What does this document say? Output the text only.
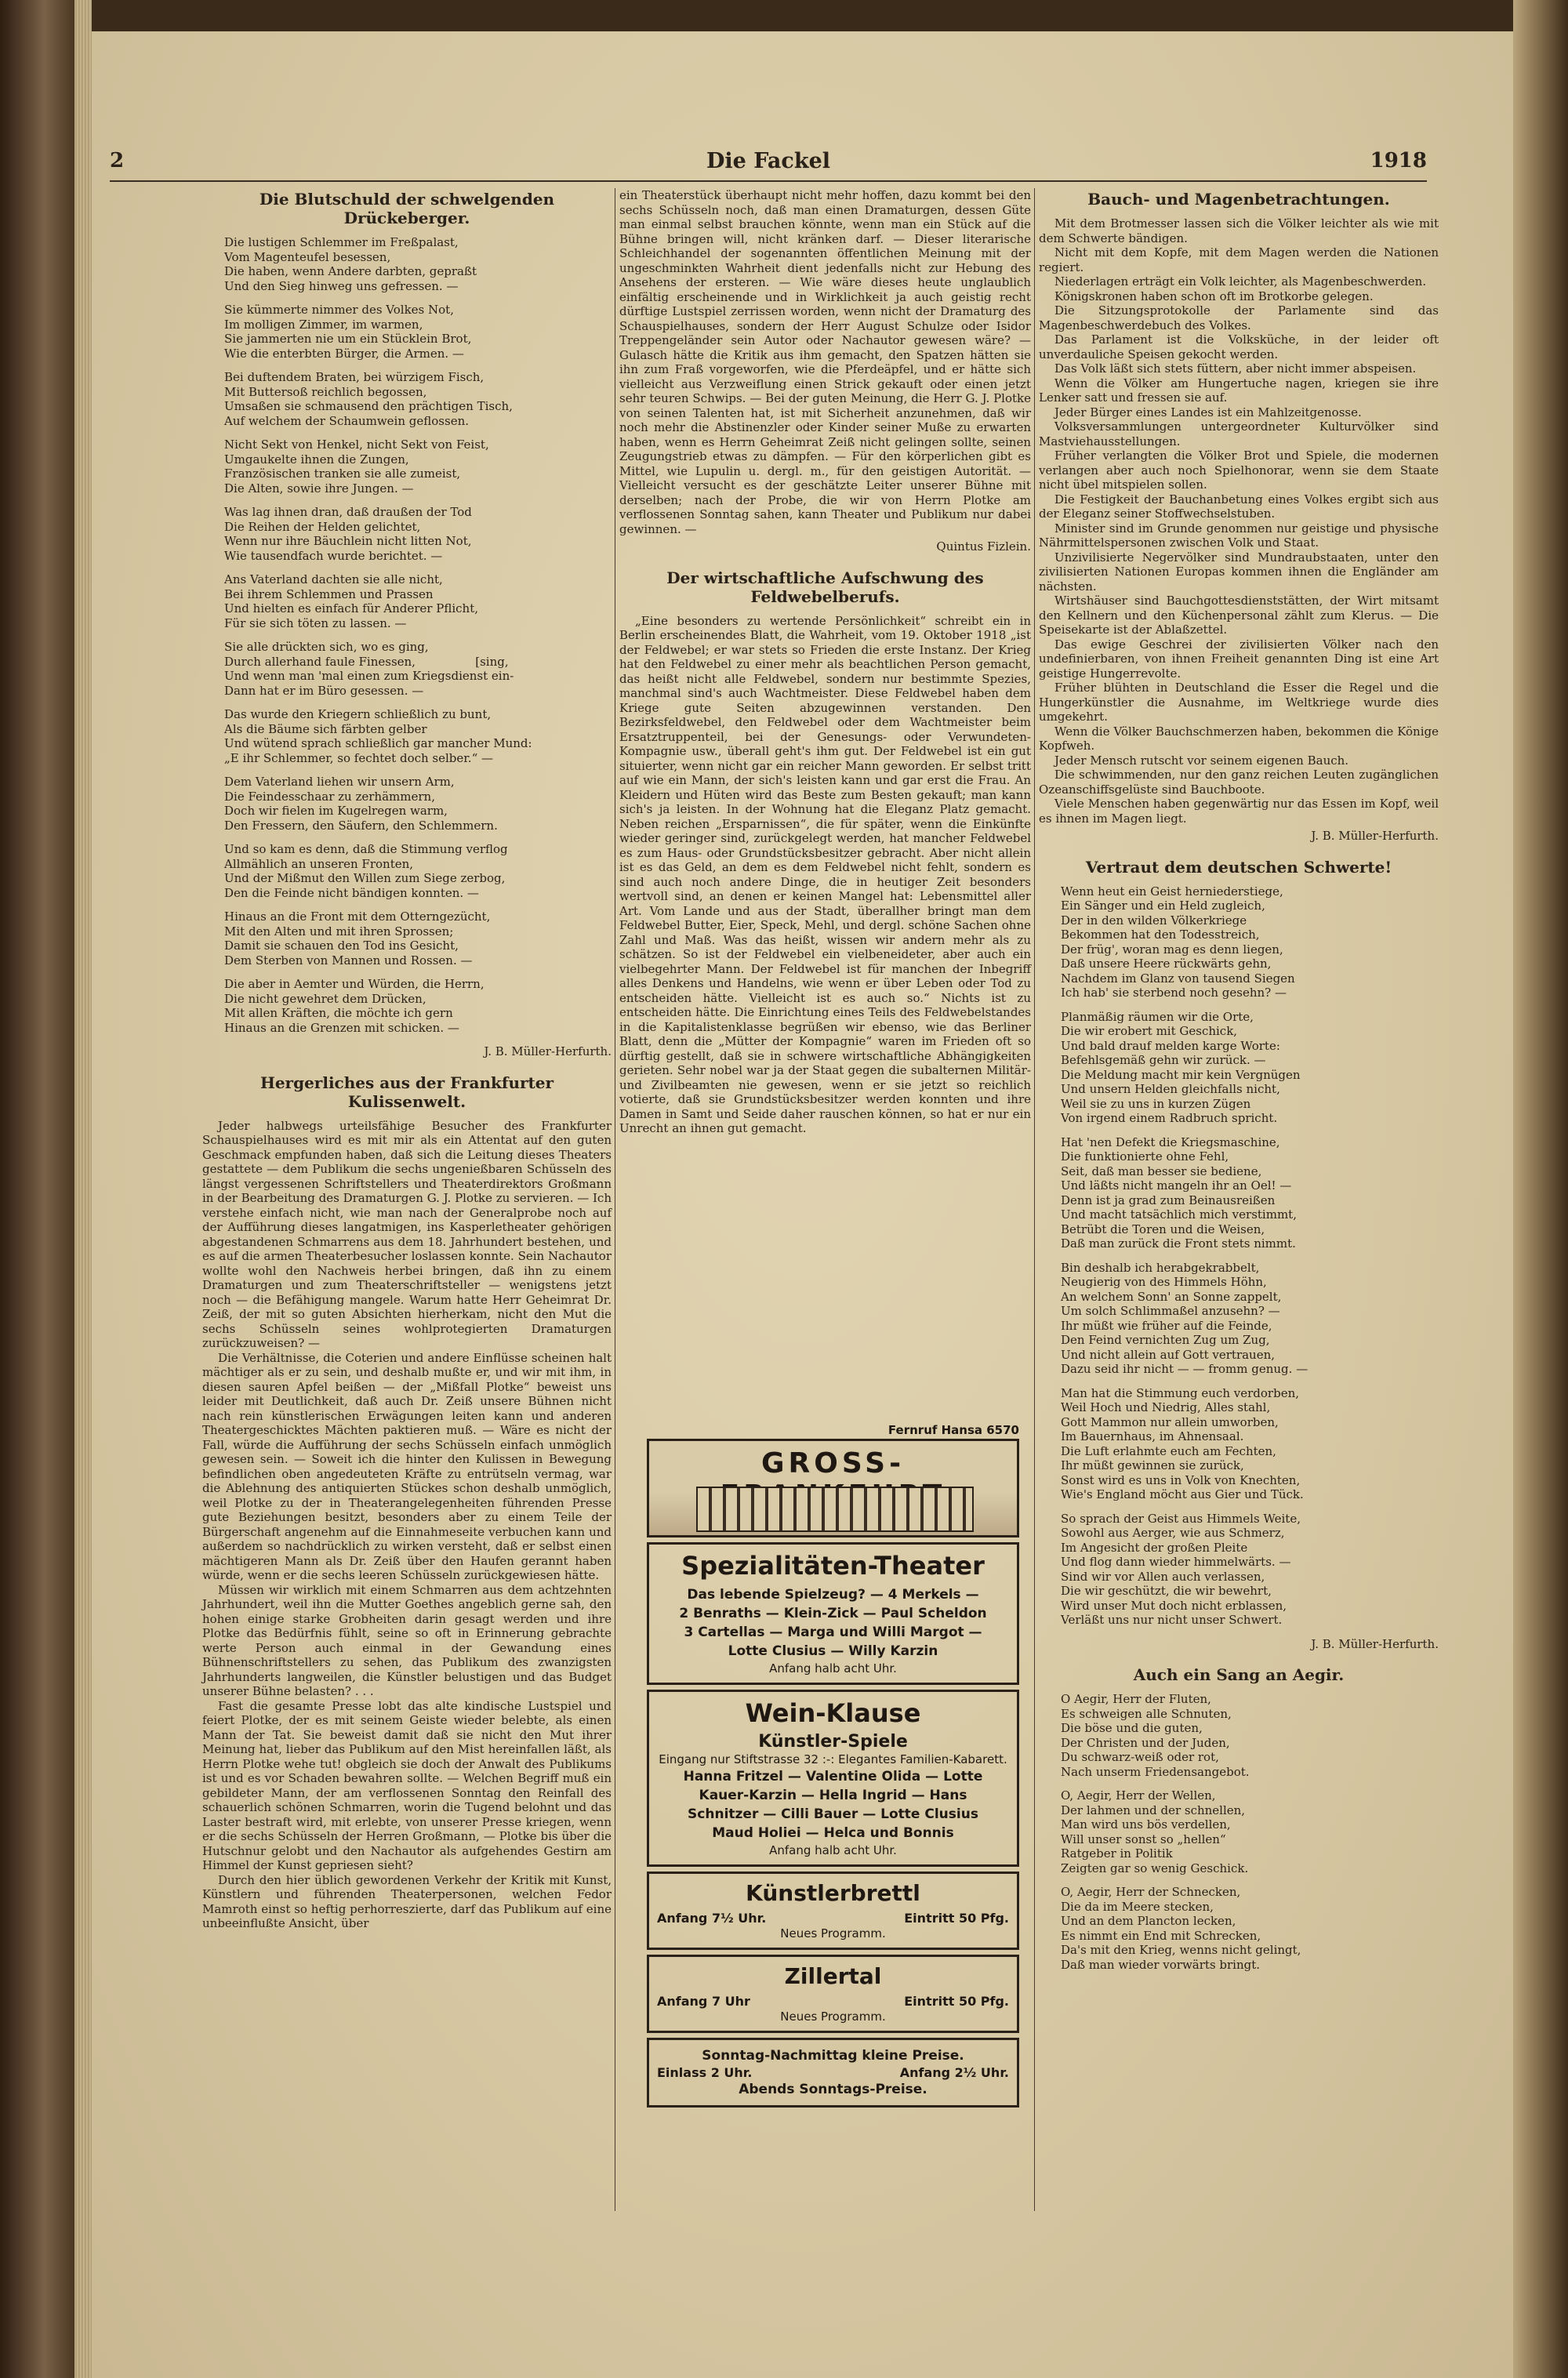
2	Die Fackel	1918
Die Blutschuld der schwelgenden Drückeberger.

Die lustigen Schlemmer im Freßpalast,

Vom Magenteufel besessen,

Die haben, wenn Andere darbten, gepraßt

Und den Sieg hinweg uns gefressen. —

Sie kümmerte nimmer des Volkes Not,

Im molligen Zimmer, im warmen,

Sie jammerten nie um ein Stücklein Brot,

Wie die enterbten Bürger, die Armen. —

Bei duftendem Braten, bei würzigem Fisch,

Mit Buttersoß reichlich begossen,

Umsaßen sie schmausend den prächtigen Tisch,

Auf welchem der Schaumwein geflossen.

Nicht Sekt von Henkel, nicht Sekt von Feist,

Umgaukelte ihnen die Zungen,

Französischen tranken sie alle zumeist,

Die Alten, sowie ihre Jungen. —

Was lag ihnen dran, daß draußen der Tod

Die Reihen der Helden gelichtet,

Wenn nur ihre Bäuchlein nicht litten Not,

Wie tausendfach wurde berichtet. —

Ans Vaterland dachten sie alle nicht,

Bei ihrem Schlemmen und Prassen

Und hielten es einfach für Anderer Pflicht,

Für sie sich töten zu lassen. —

Sie alle drückten sich, wo es ging,

Durch allerhand faule Finessen,                [sing,

Und wenn man 'mal einen zum Kriegsdienst ein-

Dann hat er im Büro gesessen. —

Das wurde den Kriegern schließlich zu bunt,

Als die Bäume sich färbten gelber

Und wütend sprach schließlich gar mancher Mund:

„E ihr Schlemmer, so fechtet doch selber.“ —

Dem Vaterland liehen wir unsern Arm,

Die Feindesschaar zu zerhämmern,

Doch wir fielen im Kugelregen warm,

Den Fressern, den Säufern, den Schlemmern.

Und so kam es denn, daß die Stimmung verflog

Allmählich an unseren Fronten,

Und der Mißmut den Willen zum Siege zerbog,

Den die Feinde nicht bändigen konnten. —

Hinaus an die Front mit dem Otterngezücht,

Mit den Alten und mit ihren Sprossen;

Damit sie schauen den Tod ins Gesicht,

Dem Sterben von Mannen und Rossen. —

Die aber in Aemter und Würden, die Herrn,

Die nicht gewehret dem Drücken,

Mit allen Kräften, die möchte ich gern

Hinaus an die Grenzen mit schicken. —

J. B. Müller-Herfurth.
Hergerliches aus der Frankfurter Kulissenwelt.

Jeder halbwegs urteilsfähige Besucher des Frankfurter Schauspielhauses wird es mit mir als ein Attentat auf den guten Geschmack empfunden haben, daß sich die Leitung dieses Theaters gestattete — dem Publikum die sechs ungenießbaren Schüsseln des längst vergessenen Schriftstellers und Theaterdirektors Großmann in der Bearbeitung des Dramaturgen G. J. Plotke zu servieren. — Ich verstehe einfach nicht, wie man nach der Generalprobe noch auf der Aufführung dieses langatmigen, ins Kasperletheater gehörigen abgestandenen Schmarrens aus dem 18. Jahrhundert bestehen, und es auf die armen Theaterbesucher loslassen konnte. Sein Nachautor wollte wohl den Nachweis herbei bringen, daß ihn zu einem Dramaturgen und zum Theaterschriftsteller — wenigstens jetzt noch — die Befähigung mangele. Warum hatte Herr Geheimrat Dr. Zeiß, der mit so guten Absichten hierherkam, nicht den Mut die sechs Schüsseln seines wohlprotegierten Dramaturgen zurückzuweisen? —

Die Verhältnisse, die Coterien und andere Einflüsse scheinen halt mächtiger als er zu sein, und deshalb mußte er, und wir mit ihm, in diesen sauren Apfel beißen — der „Mißfall Plotke“ beweist uns leider mit Deutlichkeit, daß auch Dr. Zeiß unsere Bühnen nicht nach rein künstlerischen Erwägungen leiten kann und anderen Theatergeschicktes Mächten paktieren muß. — Wäre es nicht der Fall, würde die Aufführung der sechs Schüsseln einfach unmöglich gewesen sein. — Soweit ich die hinter den Kulissen in Bewegung befindlichen oben angedeuteten Kräfte zu entrütseln vermag, war die Ablehnung des antiquierten Stückes schon deshalb unmöglich, weil Plotke zu der in Theaterangelegenheiten führenden Presse gute Beziehungen besitzt, besonders aber zu einem Teile der Bürgerschaft angenehm auf die Einnahmeseite verbuchen kann und außerdem so nachdrücklich zu wirken versteht, daß er selbst einen mächtigeren Mann als Dr. Zeiß über den Haufen gerannt haben würde, wenn er die sechs leeren Schüsseln zurückgewiesen hätte.

Müssen wir wirklich mit einem Schmarren aus dem achtzehnten Jahrhundert, weil ihn die Mutter Goethes angeblich gerne sah, den hohen einige starke Grobheiten darin gesagt werden und ihre Plotke das Bedürfnis fühlt, seine so oft in Erinnerung gebrachte werte Person auch einmal in der Gewandung eines Bühnenschriftstellers zu sehen, das Publikum des zwanzigsten Jahrhunderts langweilen, die Künstler belustigen und das Budget unserer Bühne belasten? . . .

Fast die gesamte Presse lobt das alte kindische Lustspiel und feiert Plotke, der es mit seinem Geiste wieder belebte, als einen Mann der Tat. Sie beweist damit daß sie nicht den Mut ihrer Meinung hat, lieber das Publikum auf den Mist hereinfallen läßt, als Herrn Plotke wehe tut! obgleich sie doch der Anwalt des Publikums ist und es vor Schaden bewahren sollte. — Welchen Begriff muß ein gebildeter Mann, der am verflossenen Sonntag den Reinfall des schauerlich schönen Schmarren, worin die Tugend belohnt und das Laster bestraft wird, mit erlebte, von unserer Presse kriegen, wenn er die sechs Schüsseln der Herren Großmann, — Plotke bis über die Hutschnur gelobt und den Nachautor als aufgehendes Gestirn am Himmel der Kunst gepriesen sieht?

Durch den hier üblich gewordenen Verkehr der Kritik mit Kunst, Künstlern und führenden Theaterpersonen, welchen Fedor Mamroth einst so heftig perhorreszierte, darf das Publikum auf eine unbeeinflußte Ansicht, über

ein Theaterstück überhaupt nicht mehr hoffen, dazu kommt bei den sechs Schüsseln noch, daß man einen Dramaturgen, dessen Güte man einmal selbst brauchen könnte, wenn man ein Stück auf die Bühne bringen will, nicht kränken darf. — Dieser literarische Schleichhandel der sogenannten öffentlichen Meinung mit der ungeschminkten Wahrheit dient jedenfalls nicht zur Hebung des Ansehens der ersteren. — Wie wäre dieses heute unglaublich einfältig erscheinende und in Wirklichkeit ja auch geistig recht dürftige Lustspiel zerrissen worden, wenn nicht der Dramaturg des Schauspielhauses, sondern der Herr August Schulze oder Isidor Treppengeländer sein Autor oder Nachautor gewesen wäre? — Gulasch hätte die Kritik aus ihm gemacht, den Spatzen hätten sie ihn zum Fraß vorgeworfen, wie die Pferdeäpfel, und er hätte sich vielleicht aus Verzweiflung einen Strick gekauft oder einen jetzt sehr teuren Schwips. — Bei der guten Meinung, die Herr G. J. Plotke von seinen Talenten hat, ist mit Sicherheit anzunehmen, daß wir noch mehr die Abstinenzler oder Kinder seiner Muße zu erwarten haben, wenn es Herrn Geheimrat Zeiß nicht gelingen sollte, seinen Zeugungstrieb etwas zu dämpfen. — Für den körperlichen gibt es Mittel, wie Lupulin u. dergl. m., für den geistigen Autorität. — Vielleicht versucht es der geschätzte Leiter unserer Bühne mit derselben; nach der Probe, die wir von Herrn Plotke am verflossenen Sonntag sahen, kann Theater und Publikum nur dabei gewinnen. —

Quintus Fizlein.
Der wirtschaftliche Aufschwung des Feldwebelberufs.

„Eine besonders zu wertende Persönlichkeit“ schreibt ein in Berlin erscheinendes Blatt, die Wahrheit, vom 19. Oktober 1918 „ist der Feldwebel; er war stets so Frieden die erste Instanz. Der Krieg hat den Feldwebel zu einer mehr als beachtlichen Person gemacht, das heißt nicht alle Feldwebel, sondern nur bestimmte Spezies, manchmal sind's auch Wachtmeister. Diese Feldwebel haben dem Kriege gute Seiten abzugewinnen verstanden. Den Bezirksfeldwebel, den Feldwebel oder dem Wachtmeister beim Ersatztruppenteil, bei der Genesungs- oder Verwundeten-Kompagnie usw., überall geht's ihm gut. Der Feldwebel ist ein gut situierter, wenn nicht gar ein reicher Mann geworden. Er selbst tritt auf wie ein Mann, der sich's leisten kann und gar erst die Frau. An Kleidern und Hüten wird das Beste zum Besten gekauft; man kann sich's ja leisten. In der Wohnung hat die Eleganz Platz gemacht. Neben reichen „Ersparnissen“, die für später, wenn die Einkünfte wieder geringer sind, zurückgelegt werden, hat mancher Feldwebel es zum Haus- oder Grundstücksbesitzer gebracht. Aber nicht allein ist es das Geld, an dem es dem Feldwebel nicht fehlt, sondern es sind auch noch andere Dinge, die in heutiger Zeit besonders wertvoll sind, an denen er keinen Mangel hat: Lebensmittel aller Art. Vom Lande und aus der Stadt, überallher bringt man dem Feldwebel Butter, Eier, Speck, Mehl, und dergl. schöne Sachen ohne Zahl und Maß. Was das heißt, wissen wir andern mehr als zu schätzen. So ist der Feldwebel ein vielbeneideter, aber auch ein vielbegehrter Mann. Der Feldwebel ist für manchen der Inbegriff alles Denkens und Handelns, wie wenn er über Leben oder Tod zu entscheiden hätte. Vielleicht ist es auch so.“ Nichts ist zu entscheiden hätte. Die Einrichtung eines Teils des Feldwebelstandes in die Kapitalistenklasse begrüßen wir ebenso, wie das Berliner Blatt, denn die „Mütter der Kompagnie“ waren im Frieden oft so dürftig gestellt, daß sie in schwere wirtschaftliche Abhängigkeiten gerieten. Sehr nobel war ja der Staat gegen die subalternen Militär- und Zivilbeamten nie gewesen, wenn er sie jetzt so reichlich votierte, daß sie Grundstücksbesitzer werden konnten und ihre Damen in Samt und Seide daher rauschen können, so hat er nur ein Unrecht an ihnen gut gemacht.

Fernruf Hansa 6570
GROSS-
Spezialitäten-Theater

Das lebende Spielzeug? — 4 Merkels —

2 Benraths — Klein-Zick — Paul Scheldon

3 Cartellas — Marga und Willi Margot —

Lotte Clusius — Willy Karzin

Anfang halb acht Uhr.

Wein-Klause

Künstler-Spiele

Eingang nur Stiftstrasse 32 :-: Elegantes Familien-Kabarett.

Hanna Fritzel — Valentine Olida — Lotte

Kauer-Karzin — Hella Ingrid — Hans

Schnitzer — Cilli Bauer — Lotte Clusius

Maud Holiei — Helca und Bonnis

Anfang halb acht Uhr.

Künstlerbrettl
Anfang 7½ Uhr.	Eintritt 50 Pfg.

Neues Programm.

Zillertal
Anfang 7 Uhr	Eintritt 50 Pfg.

Neues Programm.

Sonntag-Nachmittag kleine Preise.

Einlass 2 Uhr.	Anfang 2½ Uhr.

Abends Sonntags-Preise.

Bauch- und Magenbetrachtungen.

Mit dem Brotmesser lassen sich die Völker leichter als wie mit dem Schwerte bändigen.

Nicht mit dem Kopfe, mit dem Magen werden die Nationen regiert.

Niederlagen erträgt ein Volk leichter, als Magenbeschwerden.

Königskronen haben schon oft im Brotkorbe gelegen.

Die Sitzungsprotokolle der Parlamente sind das Magenbeschwerdebuch des Volkes.

Das Parlament ist die Volksküche, in der leider oft unverdauliche Speisen gekocht werden.

Das Volk läßt sich stets füttern, aber nicht immer abspeisen.

Wenn die Völker am Hungertuche nagen, kriegen sie ihre Lenker satt und fressen sie auf.

Jeder Bürger eines Landes ist ein Mahlzeitgenosse.

Volksversammlungen untergeordneter Kulturvölker sind Mastviehausstellungen.

Früher verlangten die Völker Brot und Spiele, die modernen verlangen aber auch noch Spielhonorar, wenn sie dem Staate nicht übel mitspielen sollen.

Die Festigkeit der Bauchanbetung eines Volkes ergibt sich aus der Eleganz seiner Stoffwechselstuben.

Minister sind im Grunde genommen nur geistige und physische Nährmittelspersonen zwischen Volk und Staat.

Unzivilisierte Negervölker sind Mundraubstaaten, unter den zivilisierten Nationen Europas kommen ihnen die Engländer am nächsten.

Wirtshäuser sind Bauchgottesdienststätten, der Wirt mitsamt den Kellnern und den Küchenpersonal zählt zum Klerus. — Die Speisekarte ist der Ablaßzettel.

Das ewige Geschrei der zivilisierten Völker nach den undefinierbaren, von ihnen Freiheit genannten Ding ist eine Art geistige Hungerrevolte.

Früher blühten in Deutschland die Esser die Regel und die Hungerkünstler die Ausnahme, im Weltkriege wurde dies umgekehrt.

Wenn die Völker Bauchschmerzen haben, bekommen die Könige Kopfweh.

Jeder Mensch rutscht vor seinem eigenen Bauch.

Die schwimmenden, nur den ganz reichen Leuten zugänglichen Ozeanschiffsgelüste sind Bauchboote.

Viele Menschen haben gegenwärtig nur das Essen im Kopf, weil es ihnen im Magen liegt.

J. B. Müller-Herfurth.
Vertraut dem deutschen Schwerte!

Wenn heut ein Geist herniederstiege,

Ein Sänger und ein Held zugleich,

Der in den wilden Völkerkriege

Bekommen hat den Todesstreich,

Der früg', woran mag es denn liegen,

Daß unsere Heere rückwärts gehn,

Nachdem im Glanz von tausend Siegen

Ich hab' sie sterbend noch gesehn? —

Planmäßig räumen wir die Orte,

Die wir erobert mit Geschick,

Und bald drauf melden karge Worte:

Befehlsgemäß gehn wir zurück. —

Die Meldung macht mir kein Vergnügen

Und unsern Helden gleichfalls nicht,

Weil sie zu uns in kurzen Zügen

Von irgend einem Radbruch spricht.

Hat 'nen Defekt die Kriegsmaschine,

Die funktionierte ohne Fehl,

Seit, daß man besser sie bediene,

Und läßts nicht mangeln ihr an Oel! —

Denn ist ja grad zum Beinausreißen

Und macht tatsächlich mich verstimmt,

Betrübt die Toren und die Weisen,

Daß man zurück die Front stets nimmt.

Bin deshalb ich herabgekrabbelt,

Neugierig von des Himmels Höhn,

An welchem Sonn' an Sonne zappelt,

Um solch Schlimmaßel anzusehn? —

Ihr müßt wie früher auf die Feinde,

Den Feind vernichten Zug um Zug,

Und nicht allein auf Gott vertrauen,

Dazu seid ihr nicht — — fromm genug. —

Man hat die Stimmung euch verdorben,

Weil Hoch und Niedrig, Alles stahl,

Gott Mammon nur allein umworben,

Im Bauernhaus, im Ahnensaal.

Die Luft erlahmte euch am Fechten,

Ihr müßt gewinnen sie zurück,

Sonst wird es uns in Volk von Knechten,

Wie's England möcht aus Gier und Tück.

So sprach der Geist aus Himmels Weite,

Sowohl aus Aerger, wie aus Schmerz,

Im Angesicht der großen Pleite

Und flog dann wieder himmelwärts. —

Sind wir vor Allen auch verlassen,

Die wir geschützt, die wir bewehrt,

Wird unser Mut doch nicht erblassen,

Verläßt uns nur nicht unser Schwert.

J. B. Müller-Herfurth.
Auch ein Sang an Aegir.

O Aegir, Herr der Fluten,

Es schweigen alle Schnuten,

Die böse und die guten,

Der Christen und der Juden,

Du schwarz-weiß oder rot,

Nach unserm Friedensangebot.

O, Aegir, Herr der Wellen,

Der lahmen und der schnellen,

Man wird uns bös verdellen,

Will unser sonst so „hellen“

Ratgeber in Politik

Zeigten gar so wenig Geschick.

O, Aegir, Herr der Schnecken,

Die da im Meere stecken,

Und an dem Plancton lecken,

Es nimmt ein End mit Schrecken,

Da's mit den Krieg, wenns nicht gelingt,

Daß man wieder vorwärts bringt.
